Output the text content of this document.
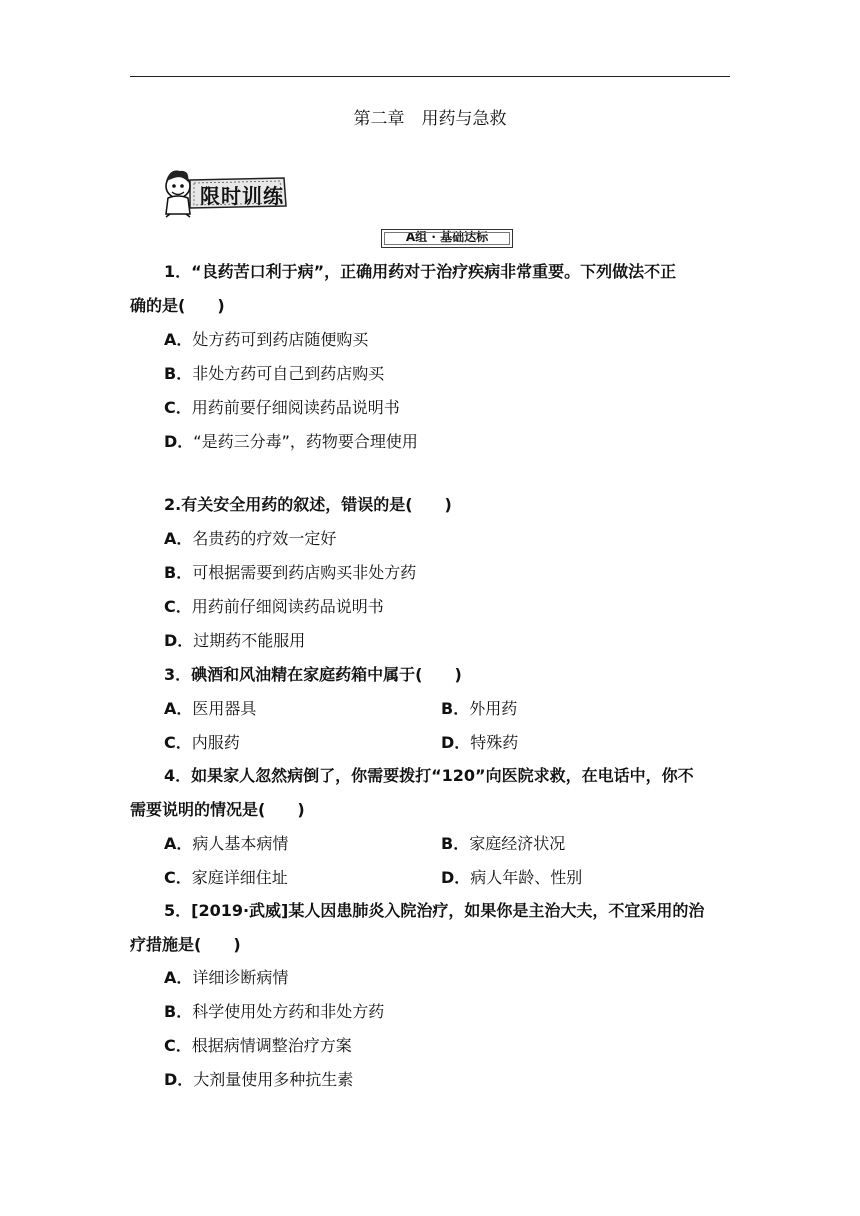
第二章　用药与急救
限时训练
A组 · 基础达标
1．“良药苦口利于病”，正确用药对于治疗疾病非常重要。下列做法不正
确的是(　　)
A．处方药可到药店随便购买
B．非处方药可自己到药店购买
C．用药前要仔细阅读药品说明书
D．“是药三分毒”，药物要合理使用
2.有关安全用药的叙述，错误的是(　　)
A．名贵药的疗效一定好
B．可根据需要到药店购买非处方药
C．用药前仔细阅读药品说明书
D．过期药不能服用
3．碘酒和风油精在家庭药箱中属于(　　)
A．医用器具	B．外用药
C．内服药	D．特殊药
4．如果家人忽然病倒了，你需要拨打“120”向医院求救，在电话中，你不
需要说明的情况是(　　)
A．病人基本病情	B．家庭经济状况
C．家庭详细住址	D．病人年龄、性别
5．[2019·武威]某人因患肺炎入院治疗，如果你是主治大夫，不宜采用的治
疗措施是(　　)
A．详细诊断病情
B．科学使用处方药和非处方药
C．根据病情调整治疗方案
D．大剂量使用多种抗生素
